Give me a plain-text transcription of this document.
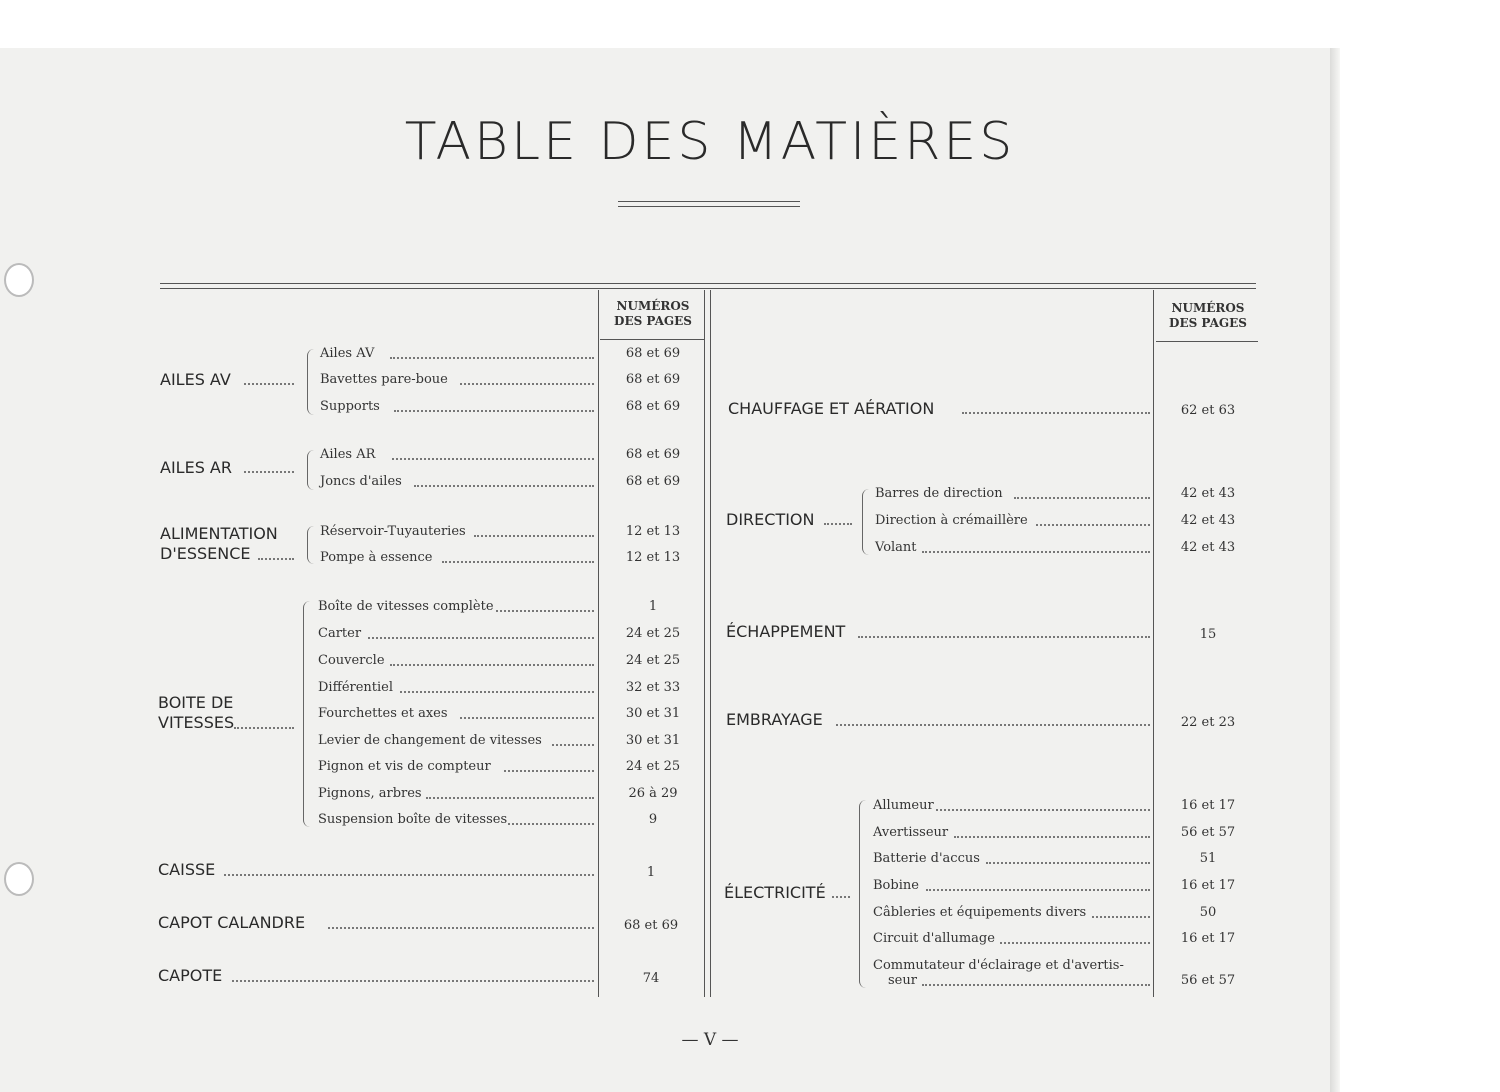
TABLE DES MATIÈRES
NUMÉROS
DES PAGES
NUMÉROS
DES PAGES
AILES AV
Ailes AV	68 et 69
Bavettes pare-boue	68 et 69
Supports	68 et 69
AILES AR
Ailes AR	68 et 69
Joncs d'ailes	68 et 69
ALIMENTATION
D'ESSENCE
Réservoir-Tuyauteries	12 et 13
Pompe à essence	12 et 13
BOITE DE
VITESSES
Boîte de vitesses complète	1
Carter	24 et 25
Couvercle	24 et 25
Différentiel	32 et 33
Fourchettes et axes	30 et 31
Levier de changement de vitesses	30 et 31
Pignon et vis de compteur	24 et 25
Pignons, arbres	26 à 29
Suspension boîte de vitesses	9
CAISSE	1
CAPOT CALANDRE	68 et 69
CAPOTE	74
CHAUFFAGE ET AÉRATION	62 et 63
DIRECTION
Barres de direction	42 et 43
Direction à crémaillère	42 et 43
Volant	42 et 43
ÉCHAPPEMENT	15
EMBRAYAGE	22 et 23
ÉLECTRICITÉ
Allumeur	16 et 17
Avertisseur	56 et 57
Batterie d'accus	51
Bobine	16 et 17
Câbleries et équipements divers	50
Circuit d'allumage	16 et 17
Commutateur d'éclairage et d'avertis-
seur	56 et 57
— V —
